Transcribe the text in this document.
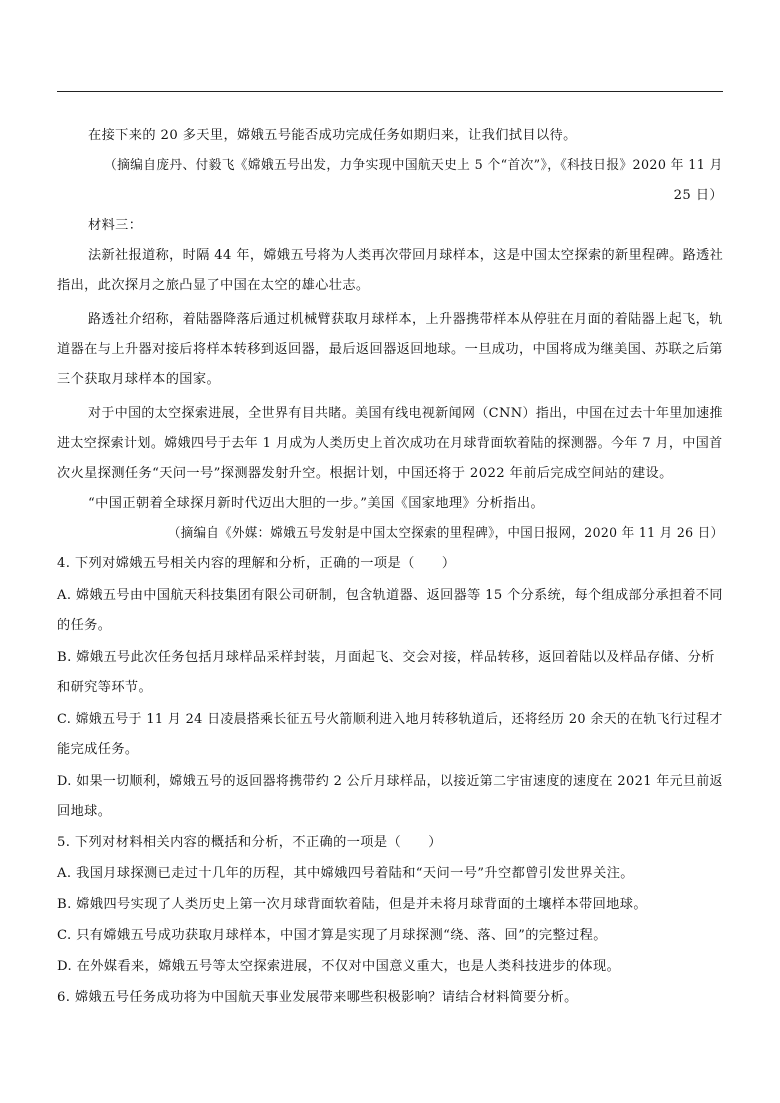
在接下来的 20 多天里，嫦娥五号能否成功完成任务如期归来，让我们拭目以待。
（摘编自庞丹、付毅飞《嫦娥五号出发，力争实现中国航天史上 5 个“首次”》，《科技日报》2020 年 11 月
25 日）
材料三：
法新社报道称，时隔 44 年，嫦娥五号将为人类再次带回月球样本，这是中国太空探索的新里程碑。路透社
指出，此次探月之旅凸显了中国在太空的雄心壮志。
路透社介绍称，着陆器降落后通过机械臂获取月球样本，上升器携带样本从停驻在月面的着陆器上起飞，轨
道器在与上升器对接后将样本转移到返回器，最后返回器返回地球。一旦成功，中国将成为继美国、苏联之后第
三个获取月球样本的国家。
对于中国的太空探索进展，全世界有目共睹。美国有线电视新闻网（CNN）指出，中国在过去十年里加速推
进太空探索计划。嫦娥四号于去年 1 月成为人类历史上首次成功在月球背面软着陆的探测器。今年 7 月，中国首
次火星探测任务“天问一号”探测器发射升空。根据计划，中国还将于 2022 年前后完成空间站的建设。
“中国正朝着全球探月新时代迈出大胆的一步。”美国《国家地理》分析指出。
（摘编自《外媒：嫦娥五号发射是中国太空探索的里程碑》，中国日报网，2020 年 11 月 26 日）
4. 下列对嫦娥五号相关内容的理解和分析，正确的一项是（　　）
A. 嫦娥五号由中国航天科技集团有限公司研制，包含轨道器、返回器等 15 个分系统，每个组成部分承担着不同
的任务。
B. 嫦娥五号此次任务包括月球样品采样封装，月面起飞、交会对接，样品转移，返回着陆以及样品存储、分析
和研究等环节。
C. 嫦娥五号于 11 月 24 日凌晨搭乘长征五号火箭顺利进入地月转移轨道后，还将经历 20 余天的在轨飞行过程才
能完成任务。
D. 如果一切顺利，嫦娥五号的返回器将携带约 2 公斤月球样品，以接近第二宇宙速度的速度在 2021 年元旦前返
回地球。
5. 下列对材料相关内容的概括和分析，不正确的一项是（　　）
A. 我国月球探测已走过十几年的历程，其中嫦娥四号着陆和“天问一号”升空都曾引发世界关注。
B. 嫦娥四号实现了人类历史上第一次月球背面软着陆，但是并未将月球背面的土壤样本带回地球。
C. 只有嫦娥五号成功获取月球样本，中国才算是实现了月球探测“绕、落、回”的完整过程。
D. 在外媒看来，嫦娥五号等太空探索进展，不仅对中国意义重大，也是人类科技进步的体现。
6. 嫦娥五号任务成功将为中国航天事业发展带来哪些积极影响？请结合材料简要分析。
